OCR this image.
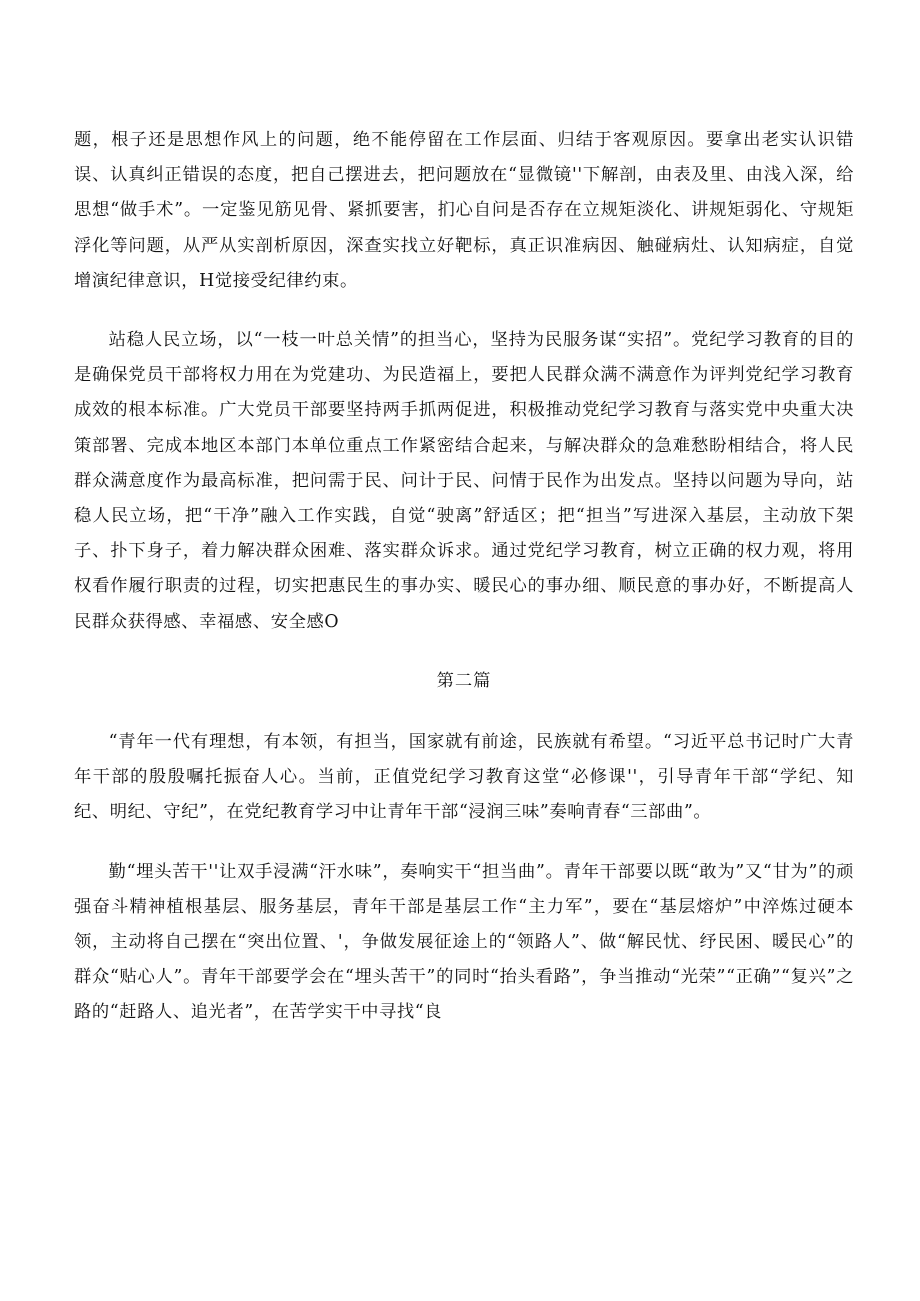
题，根子还是思想作风上的问题，绝不能停留在工作层面、归结于客观原因。要拿出老实认识错误、认真纠正错误的态度，把自己摆进去，把问题放在“显微镜''下解剖，由表及里、由浅入深，给思想“做手术”。一定鉴见筋见骨、紧抓要害，扪心自问是否存在立规矩淡化、讲规矩弱化、守规矩浮化等问题，从严从实剖析原因，深查实找立好靶标，真正识准病因、触碰病灶、认知病症，自觉增演纪律意识，H觉接受纪律约束。

站稳人民立场，以“一枝一叶总关情”的担当心，坚持为民服务谋“实招”。党纪学习教育的目的是确保党员干部将权力用在为党建功、为民造福上，要把人民群众满不满意作为评判党纪学习教育成效的根本标准。广大党员干部要坚持两手抓两促进，积极推动党纪学习教育与落实党中央重大决策部署、完成本地区本部门本单位重点工作紧密结合起来，与解决群众的急难愁盼相结合，将人民群众满意度作为最高标准，把问需于民、问计于民、问情于民作为出发点。坚持以问题为导向，站稳人民立场，把“干净”融入工作实践，自觉“驶离”舒适区；把“担当”写进深入基层，主动放下架子、扑下身子，着力解决群众困难、落实群众诉求。通过党纪学习教育，树立正确的权力观，将用权看作履行职责的过程，切实把惠民生的事办实、暖民心的事办细、顺民意的事办好，不断提高人民群众获得感、幸福感、安全感O

第二篇

“青年一代有理想，有本领，有担当，国家就有前途，民族就有希望。“习近平总书记时广大青年干部的殷殷嘱托振奋人心。当前，正值党纪学习教育这堂“必修课''，引导青年干部“学纪、知纪、明纪、守纪”，在党纪教育学习中让青年干部“浸润三味”奏响青春“三部曲”。

勤“埋头苦干''让双手浸满“汗水味”，奏响实干“担当曲”。青年干部要以既“敢为”又“甘为”的顽强奋斗精神植根基层、服务基层，青年干部是基层工作“主力军”，要在“基层熔炉”中淬炼过硬本领，主动将自己摆在“突出位置、'，争做发展征途上的“领路人”、做“解民忧、纾民困、暖民心”的群众“贴心人”。青年干部要学会在“埋头苦干”的同时“抬头看路”，争当推动“光荣”“正确”“复兴”之路的“赶路人、追光者”，在苦学实干中寻找“良
